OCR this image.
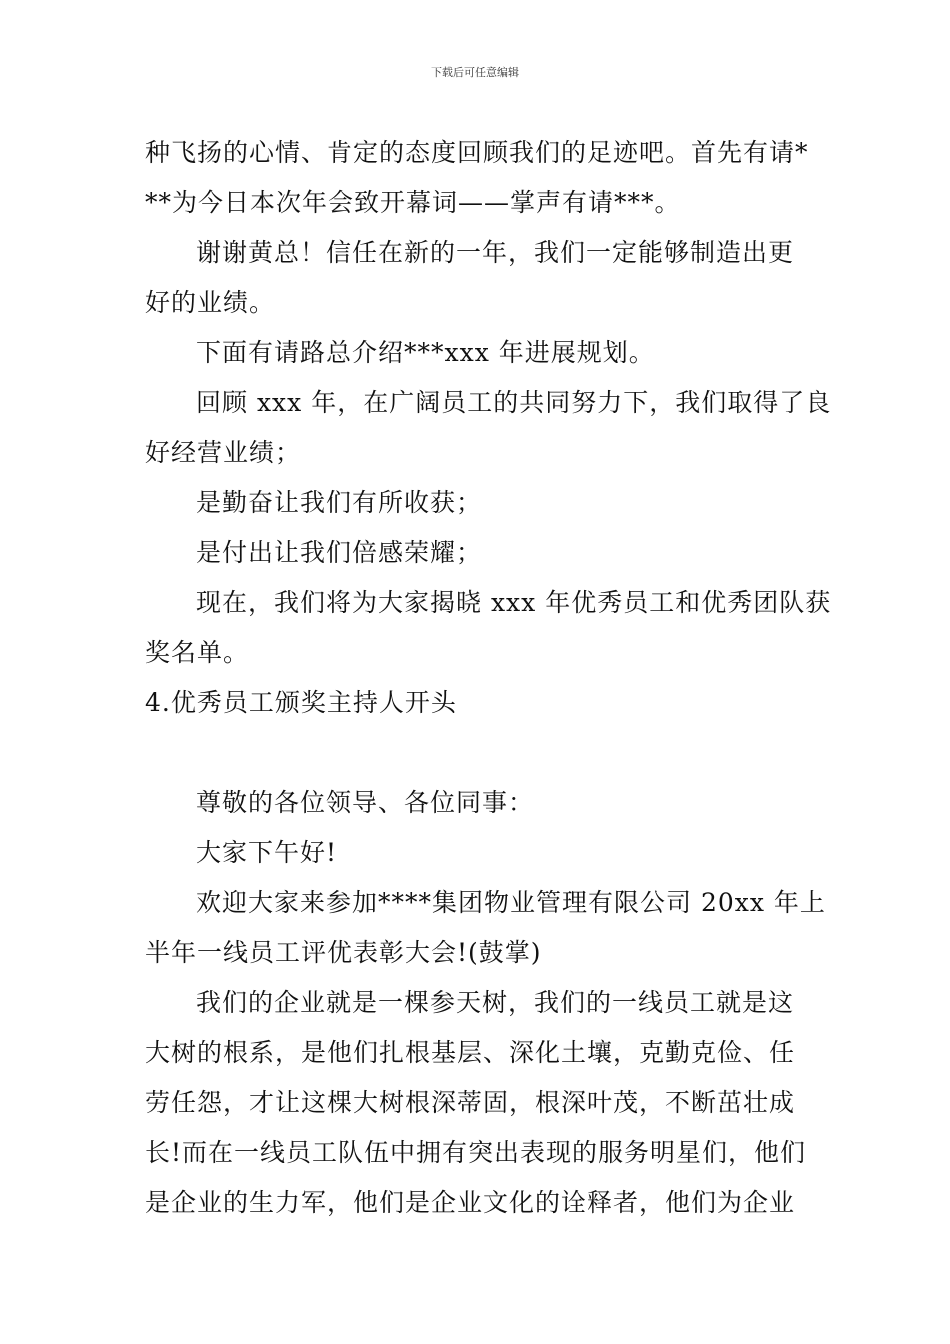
下载后可任意编辑
种飞扬的心情、肯定的态度回顾我们的足迹吧。首先有请*
**为今日本次年会致开幕词——掌声有请***。
谢谢黄总！信任在新的一年，我们一定能够制造出更
好的业绩。
下面有请路总介绍***xxx 年进展规划。
回顾 xxx 年，在广阔员工的共同努力下，我们取得了良
好经营业绩；
是勤奋让我们有所收获；
是付出让我们倍感荣耀；
现在，我们将为大家揭晓 xxx 年优秀员工和优秀团队获
奖名单。
4.优秀员工颁奖主持人开头
尊敬的各位领导、各位同事：
大家下午好!
欢迎大家来参加****集团物业管理有限公司 20xx 年上
半年一线员工评优表彰大会!(鼓掌)
我们的企业就是一棵参天树，我们的一线员工就是这
大树的根系，是他们扎根基层、深化土壤，克勤克俭、任
劳任怨，才让这棵大树根深蒂固，根深叶茂，不断茁壮成
长!而在一线员工队伍中拥有突出表现的服务明星们，他们
是企业的生力军，他们是企业文化的诠释者，他们为企业
